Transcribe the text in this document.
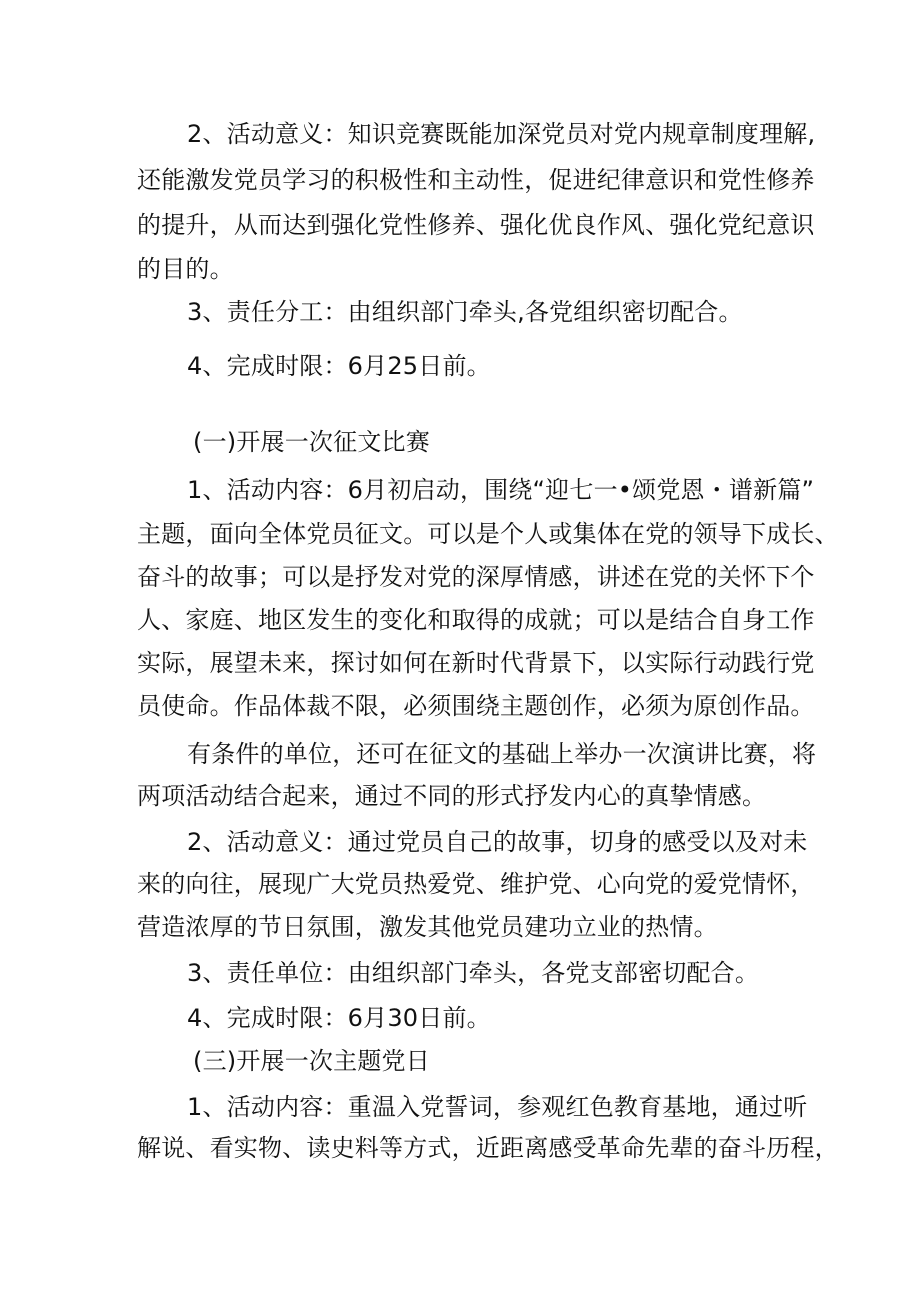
2、活动意义：知识竞赛既能加深党员对党内规章制度理解,
还能激发党员学习的积极性和主动性，促进纪律意识和党性修养
的提升，从而达到强化党性修养、强化优良作风、强化党纪意识
的目的。
3、责任分工：由组织部门牵头,各党组织密切配合。
4、完成时限：6月25日前。
(一)开展一次征文比赛
1、活动内容：6月初启动，围绕“迎七一•颂党恩・谱新篇”
主题，面向全体党员征文。可以是个人或集体在党的领导下成长、
奋斗的故事；可以是抒发对党的深厚情感，讲述在党的关怀下个
人、家庭、地区发生的变化和取得的成就；可以是结合自身工作
实际，展望未来，探讨如何在新时代背景下，以实际行动践行党
员使命。作品体裁不限，必须围绕主题创作，必须为原创作品。
有条件的单位，还可在征文的基础上举办一次演讲比赛，将
两项活动结合起来，通过不同的形式抒发内心的真挚情感。
2、活动意义：通过党员自己的故事，切身的感受以及对未
来的向往，展现广大党员热爱党、维护党、心向党的爱党情怀，
营造浓厚的节日氛围，激发其他党员建功立业的热情。
3、责任单位：由组织部门牵头，各党支部密切配合。
4、完成时限：6月30日前。
(三)开展一次主题党日
1、活动内容：重温入党誓词，参观红色教育基地，通过听
解说、看实物、读史料等方式，近距离感受革命先辈的奋斗历程，
